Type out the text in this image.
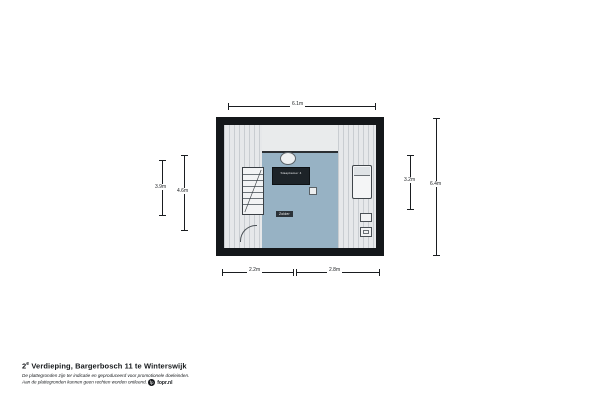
6.1m
Slaapkamer 4
Zolder
3.9m
4.6m
3.2m
6.4m
2.2m	2.8m
2e Verdieping, Bargerbosch 11 te Winterswijk
De plattegronden zijn ter indicatie en geproduceerd voor promotionele doeleinden.
Aan de plattegronden kunnen geen rechten worden ontleend. fp fopr.nl
